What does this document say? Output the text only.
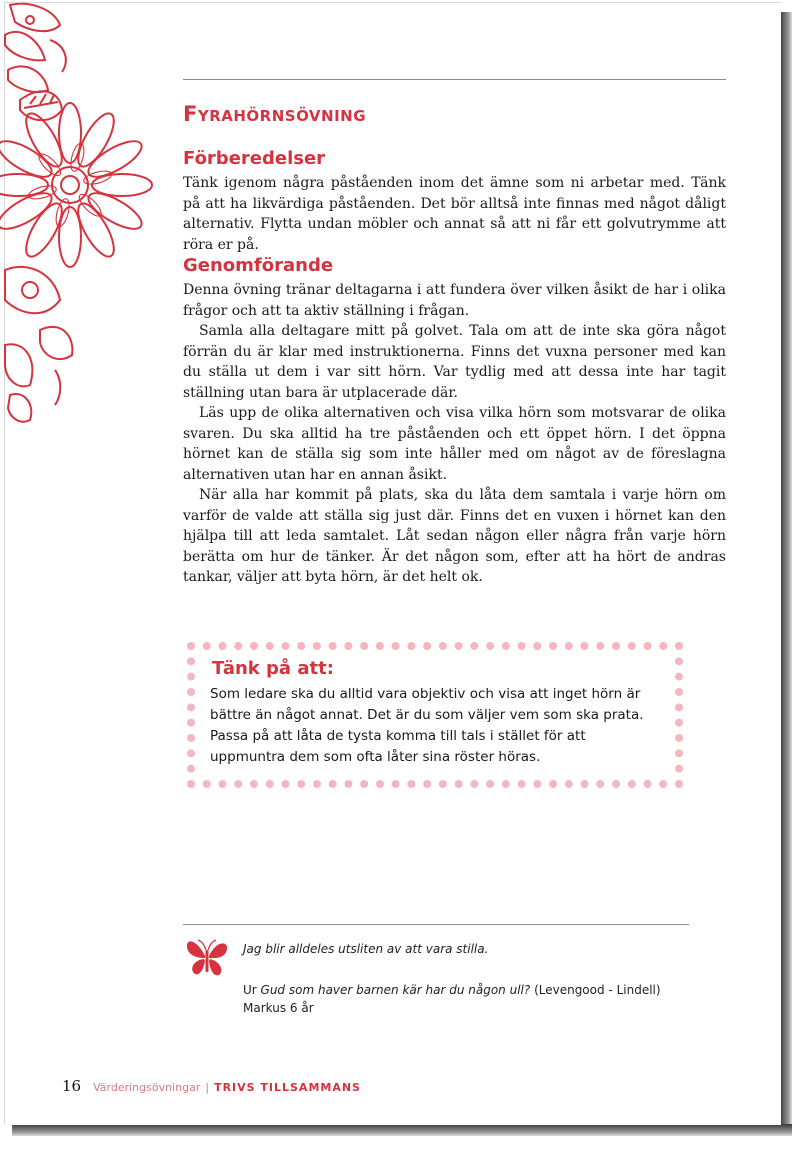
Fyrahörnsövning
Förberedelser

Tänk igenom några påståenden inom det ämne som ni arbetar med. Tänk på att ha likvärdiga påståenden. Det bör alltså inte finnas med något dåligt alternativ. Flytta undan möbler och annat så att ni får ett golvutrymme att röra er på.

Genomförande

Denna övning tränar deltagarna i att fundera över vilken åsikt de har i olika frågor och att ta aktiv ställning i frågan.

Samla alla deltagare mitt på golvet. Tala om att de inte ska göra något förrän du är klar med instruktionerna. Finns det vuxna personer med kan du ställa ut dem i var sitt hörn. Var tydlig med att dessa inte har tagit ställning utan bara är utplacerade där.

Läs upp de olika alternativen och visa vilka hörn som motsvarar de olika svaren. Du ska alltid ha tre påståenden och ett öppet hörn. I det öppna hörnet kan de ställa sig som inte håller med om något av de föreslagna alternativen utan har en annan åsikt.

När alla har kommit på plats, ska du låta dem samtala i varje hörn om varför de valde att ställa sig just där. Finns det en vuxen i hörnet kan den hjälpa till att leda samtalet. Låt sedan någon eller några från varje hörn berätta om hur de tänker. Är det någon som, efter att ha hört de andras tankar, väljer att byta hörn, är det helt ok.

Tänk på att:

Som ledare ska du alltid vara objektiv och visa att inget hörn är bättre än något annat. Det är du som väljer vem som ska prata. Passa på att låta de tysta komma till tals i stället för att uppmuntra dem som ofta låter sina röster höras.

Jag blir alldeles utsliten av att vara stilla.

Ur Gud som haver barnen kär har du någon ull? (Levengood - Lindell)
Markus 6 år

16 Värderingsövningar | TRIVS TILLSAMMANS
